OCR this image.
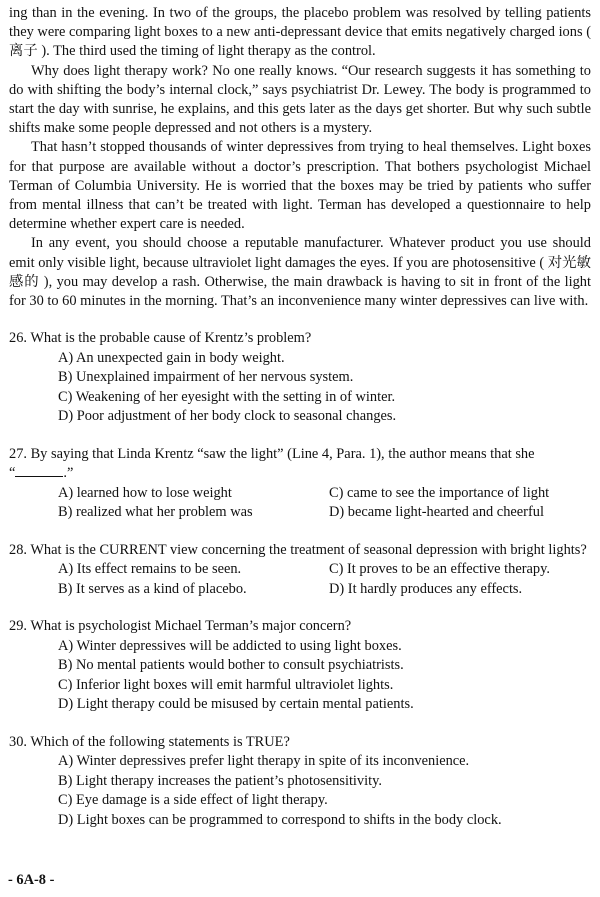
ing than in the evening. In two of the groups, the placebo problem was resolved by telling patients they were comparing light boxes to a new anti-depressant device that emits negatively charged ions ( 离子 ). The third used the timing of light therapy as the control.

Why does light therapy work? No one really knows. “Our research suggests it has something to do with shifting the body’s internal clock,” says psychiatrist Dr. Lewey. The body is programmed to start the day with sunrise, he explains, and this gets later as the days get shorter. But why such subtle shifts make some people depressed and not others is a mystery.

That hasn’t stopped thousands of winter depressives from trying to heal themselves. Light boxes for that purpose are available without a doctor’s prescription. That bothers psychologist Michael Terman of Columbia University. He is worried that the boxes may be tried by patients who suffer from mental illness that can’t be treated with light. Terman has developed a questionnaire to help determine whether expert care is needed.

In any event, you should choose a reputable manufacturer. Whatever product you use should emit only visible light, because ultraviolet light damages the eyes. If you are photosensitive ( 对光敏感的 ), you may develop a rash. Otherwise, the main drawback is having to sit in front of the light for 30 to 60 minutes in the morning. That’s an inconvenience many winter depressives can live with.

26. What is the probable cause of Krentz’s problem?

A) An unexpected gain in body weight.

B) Unexplained impairment of her nervous system.

C) Weakening of her eyesight with the setting in of winter.

D) Poor adjustment of her body clock to seasonal changes.

27. By saying that Linda Krentz “saw the light” (Line 4, Para. 1), the author means that she

“	.”

A) learned how to lose weight	C) came to see the importance of light
B) realized what her problem was	D) became light-hearted and cheerful

28. What is the CURRENT view concerning the treatment of seasonal depression with bright lights?

A) Its effect remains to be seen.	C) It proves to be an effective therapy.
B) It serves as a kind of placebo.	D) It hardly produces any effects.

29. What is psychologist Michael Terman’s major concern?

A) Winter depressives will be addicted to using light boxes.

B) No mental patients would bother to consult psychiatrists.

C) Inferior light boxes will emit harmful ultraviolet lights.

D) Light therapy could be misused by certain mental patients.

30. Which of the following statements is TRUE?

A) Winter depressives prefer light therapy in spite of its inconvenience.

B) Light therapy increases the patient’s photosensitivity.

C) Eye damage is a side effect of light therapy.

D) Light boxes can be programmed to correspond to shifts in the body clock.

- 6A-8 -
